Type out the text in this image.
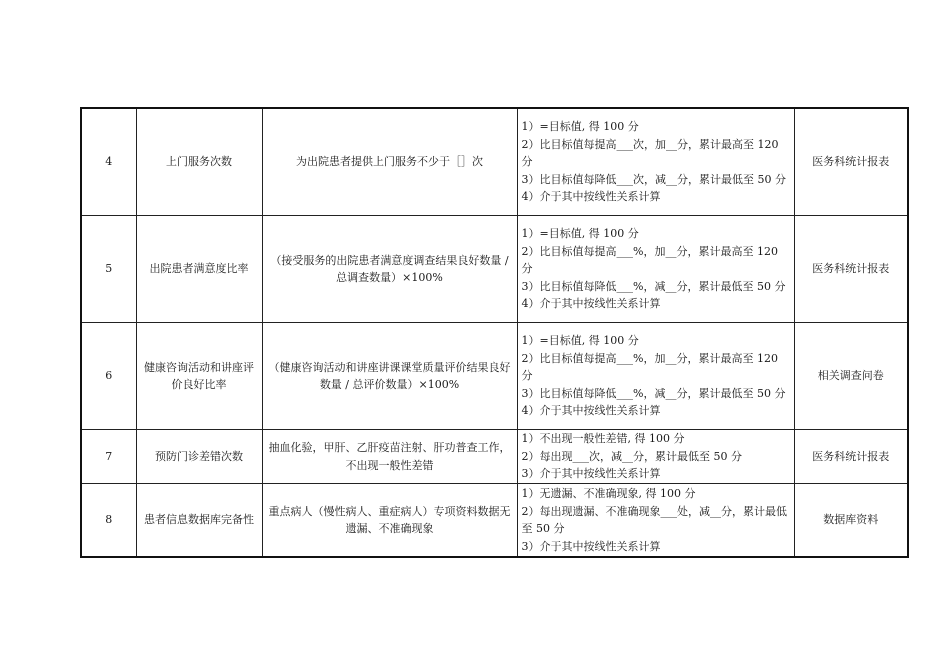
4	上门服务次数	为出院患者提供上门服务不少于［］次	1）=目标值, 得 100 分
2）比目标值每提高___次，加__分，累计最高至 120 分
3）比目标值每降低___次，减__分，累计最低至 50 分
4）介于其中按线性关系计算	医务科统计报表
5	出院患者满意度比率	（接受服务的出院患者满意度调查结果良好数量 / 总调查数量）×100%	1）=目标值, 得 100 分
2）比目标值每提高___%，加__分，累计最高至 120 分
3）比目标值每降低___%，减__分，累计最低至 50 分
4）介于其中按线性关系计算	医务科统计报表
6	健康咨询活动和讲座评价良好比率	（健康咨询活动和讲座讲课课堂质量评价结果良好数量 / 总评价数量）×100%	1）=目标值, 得 100 分
2）比目标值每提高___%，加__分，累计最高至 120 分
3）比目标值每降低___%，减__分，累计最低至 50 分
4）介于其中按线性关系计算	相关调查问卷
7	预防门诊差错次数	抽血化验，甲肝、乙肝疫苗注射、肝功普查工作，不出现一般性差错	1）不出现一般性差错, 得 100 分
2）每出现___次，减__分，累计最低至 50 分
3）介于其中按线性关系计算	医务科统计报表
8	患者信息数据库完备性	重点病人（慢性病人、重症病人）专项资料数据无遗漏、不准确现象	1）无遗漏、不准确现象, 得 100 分
2）每出现遗漏、不准确现象___处，减__分，累计最低至 50 分
3）介于其中按线性关系计算	数据库资料
